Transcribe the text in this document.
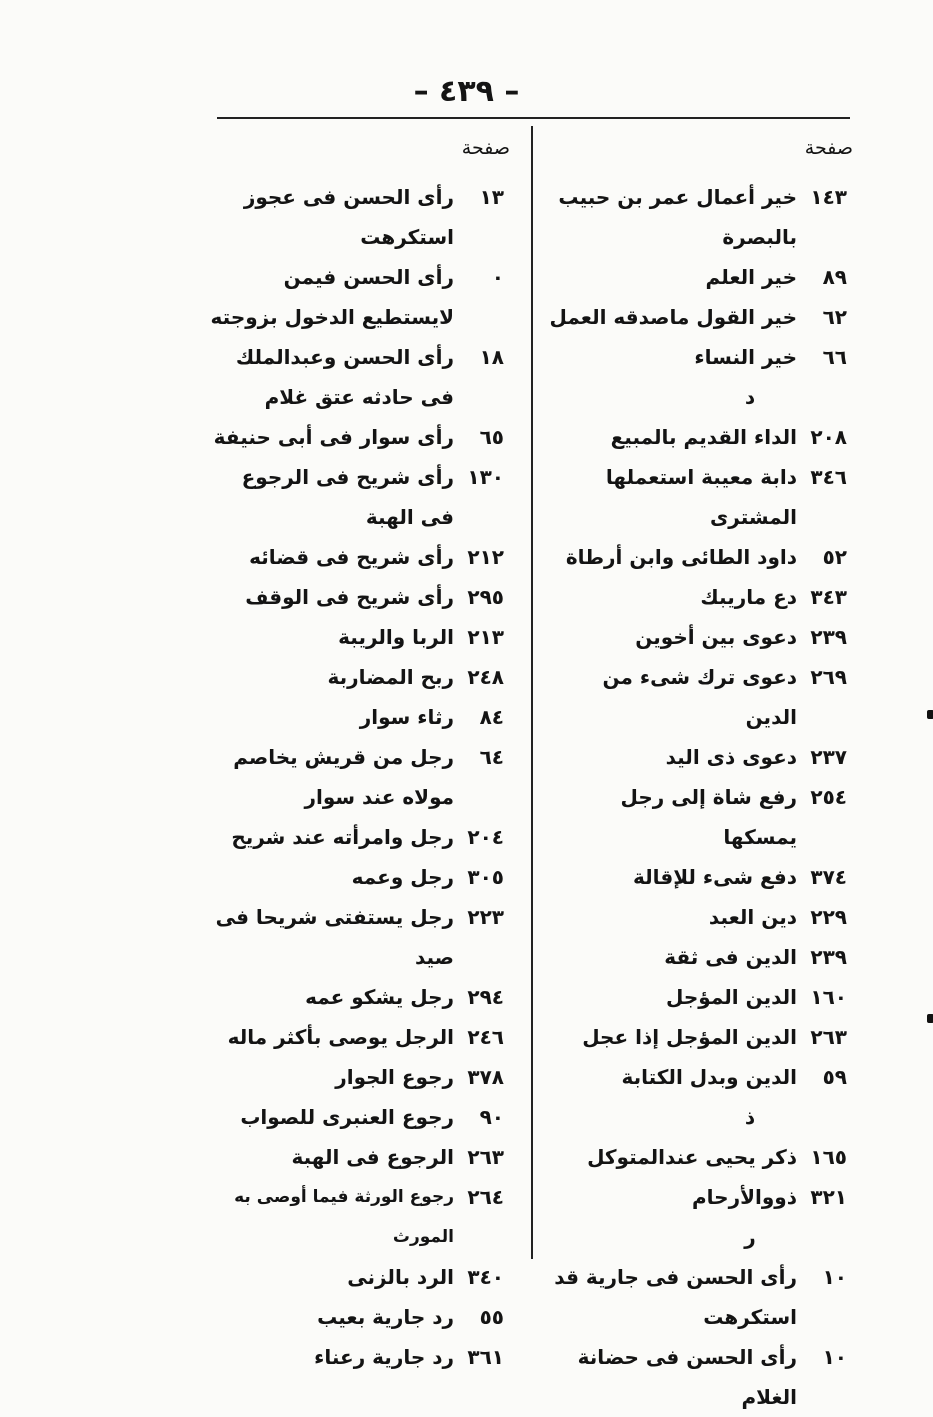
– ٤٣٩ –
صفحة
١٤٣
خير أعمال عمر بن حبيب بالبصرة
٨٩
خير العلم
٦٢
خير القول ماصدقه العمل
٦٦
خير النساء
د
٢٠٨
الداء القديم بالمبيع
٣٤٦
دابة معيبة استعملها المشترى
٥٢
داود الطائى وابن أرطاة
٣٤٣
دع ماريبك
٢٣٩
دعوى بين أخوين
٢٦٩
دعوى ترك شىء من الدين
٢٣٧
دعوى ذى اليد
٢٥٤
رفع شاة إلى رجل يمسكها
٣٧٤
دفع شىء للإقالة
٢٢٩
دين العبد
٢٣٩
الدين فى ثقة
١٦٠
الدين المؤجل
٢٦٣
الدين المؤجل إذا عجل
٥٩
الدين وبدل الكتابة
ذ
١٦٥
ذكر يحيى عندالمتوكل
٣٢١
ذووالأرحام
ر
١٠
رأى الحسن فى جارية قد استكرهت
١٠
رأى الحسن فى حضانة الغلام
صفحة
١٣
رأى الحسن فى عجوز استكرهت
٠
رأى الحسن فيمن لايستطيع الدخول بزوجته
١٨
رأى الحسن وعبدالملك فى حادثه عتق غلام
٦٥
رأى سوار فى أبى حنيفة
١٣٠
رأى شريح فى الرجوع فى الهبة
٢١٢
رأى شريح فى قضائه
٢٩٥
رأى شريح فى الوقف
٢١٣
الربا والريبة
٢٤٨
ربح المضاربة
٨٤
رثاء سوار
٦٤
رجل من قريش يخاصم مولاه عند سوار
٢٠٤
رجل وامرأته عند شريح
٣٠٥
رجل وعمه
٢٢٣
رجل يستفتى شريحا فى صيد
٢٩٤
رجل يشكو عمه
٢٤٦
الرجل يوصى بأكثر ماله
٣٧٨
رجوع الجوار
٩٠
رجوع العنبرى للصواب
٢٦٣
الرجوع فى الهبة
٢٦٤
رجوع الورثة فيما أوصى به المورث
٣٤٠
الرد بالزنى
٥٥
رد جارية بعيب
٣٦١
رد جارية رعناء
